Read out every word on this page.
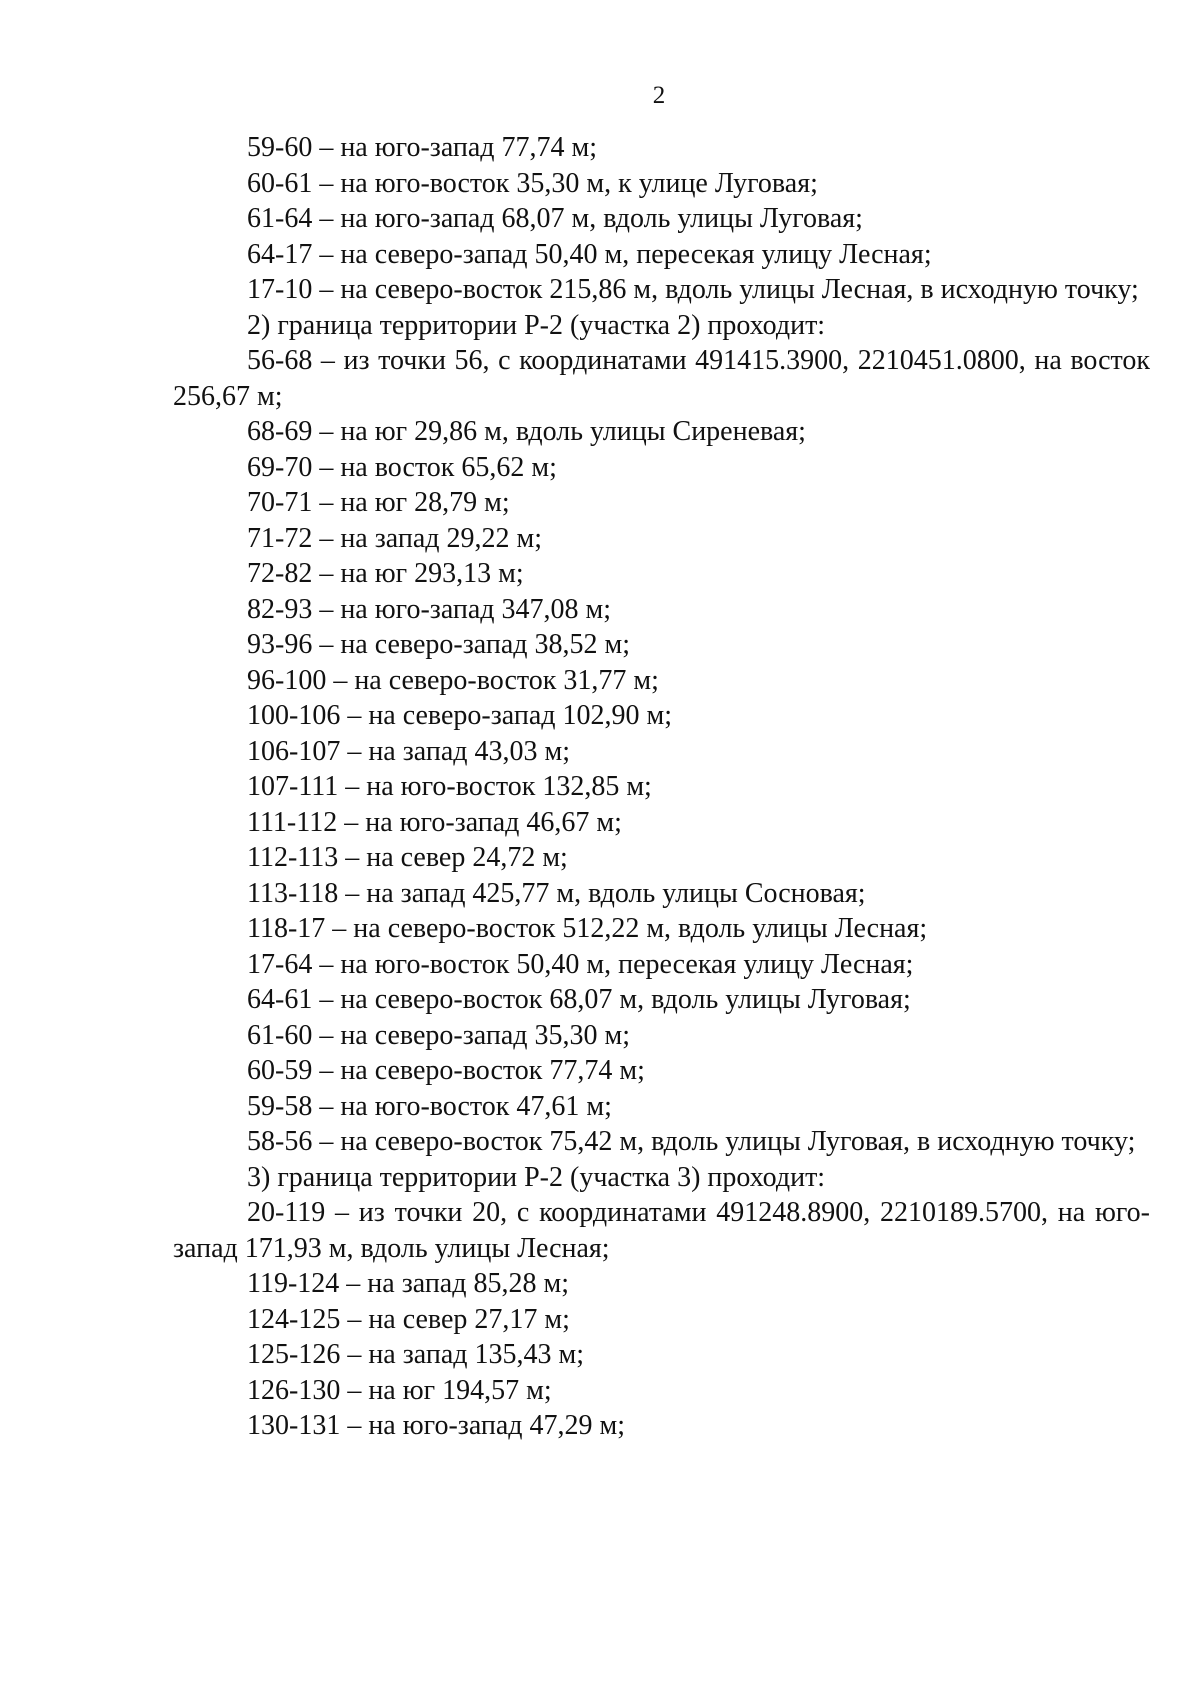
2

59-60 – на юго-запад 77,74 м;

60-61 – на юго-восток 35,30 м, к улице Луговая;

61-64 – на юго-запад 68,07 м, вдоль улицы Луговая;

64-17 – на северо-запад 50,40 м, пересекая улицу Лесная;

17-10 – на северо-восток 215,86 м, вдоль улицы Лесная, в исходную точку;

2) граница территории Р-2 (участка 2) проходит:

56-68 – из точки 56, с координатами 491415.3900, 2210451.0800, на восток 256,67 м;

68-69 – на юг 29,86 м, вдоль улицы Сиреневая;

69-70 – на восток 65,62 м;

70-71 – на юг 28,79 м;

71-72 – на запад 29,22 м;

72-82 – на юг 293,13 м;

82-93 – на юго-запад 347,08 м;

93-96 – на северо-запад 38,52 м;

96-100 – на северо-восток 31,77 м;

100-106 – на северо-запад 102,90 м;

106-107 – на запад 43,03 м;

107-111 – на юго-восток 132,85 м;

111-112 – на юго-запад 46,67 м;

112-113 – на север 24,72 м;

113-118 – на запад 425,77 м, вдоль улицы Сосновая;

118-17 – на северо-восток 512,22 м, вдоль улицы Лесная;

17-64 – на юго-восток 50,40 м, пересекая улицу Лесная;

64-61 – на северо-восток 68,07 м, вдоль улицы Луговая;

61-60 – на северо-запад 35,30 м;

60-59 – на северо-восток 77,74 м;

59-58 – на юго-восток 47,61 м;

58-56 – на северо-восток 75,42 м, вдоль улицы Луговая, в исходную точку;

3) граница территории Р-2 (участка 3) проходит:

20-119 – из точки 20, с координатами 491248.8900, 2210189.5700, на юго-запад 171,93 м, вдоль улицы Лесная;

119-124 – на запад 85,28 м;

124-125 – на север 27,17 м;

125-126 – на запад 135,43 м;

126-130 – на юг 194,57 м;

130-131 – на юго-запад 47,29 м;
